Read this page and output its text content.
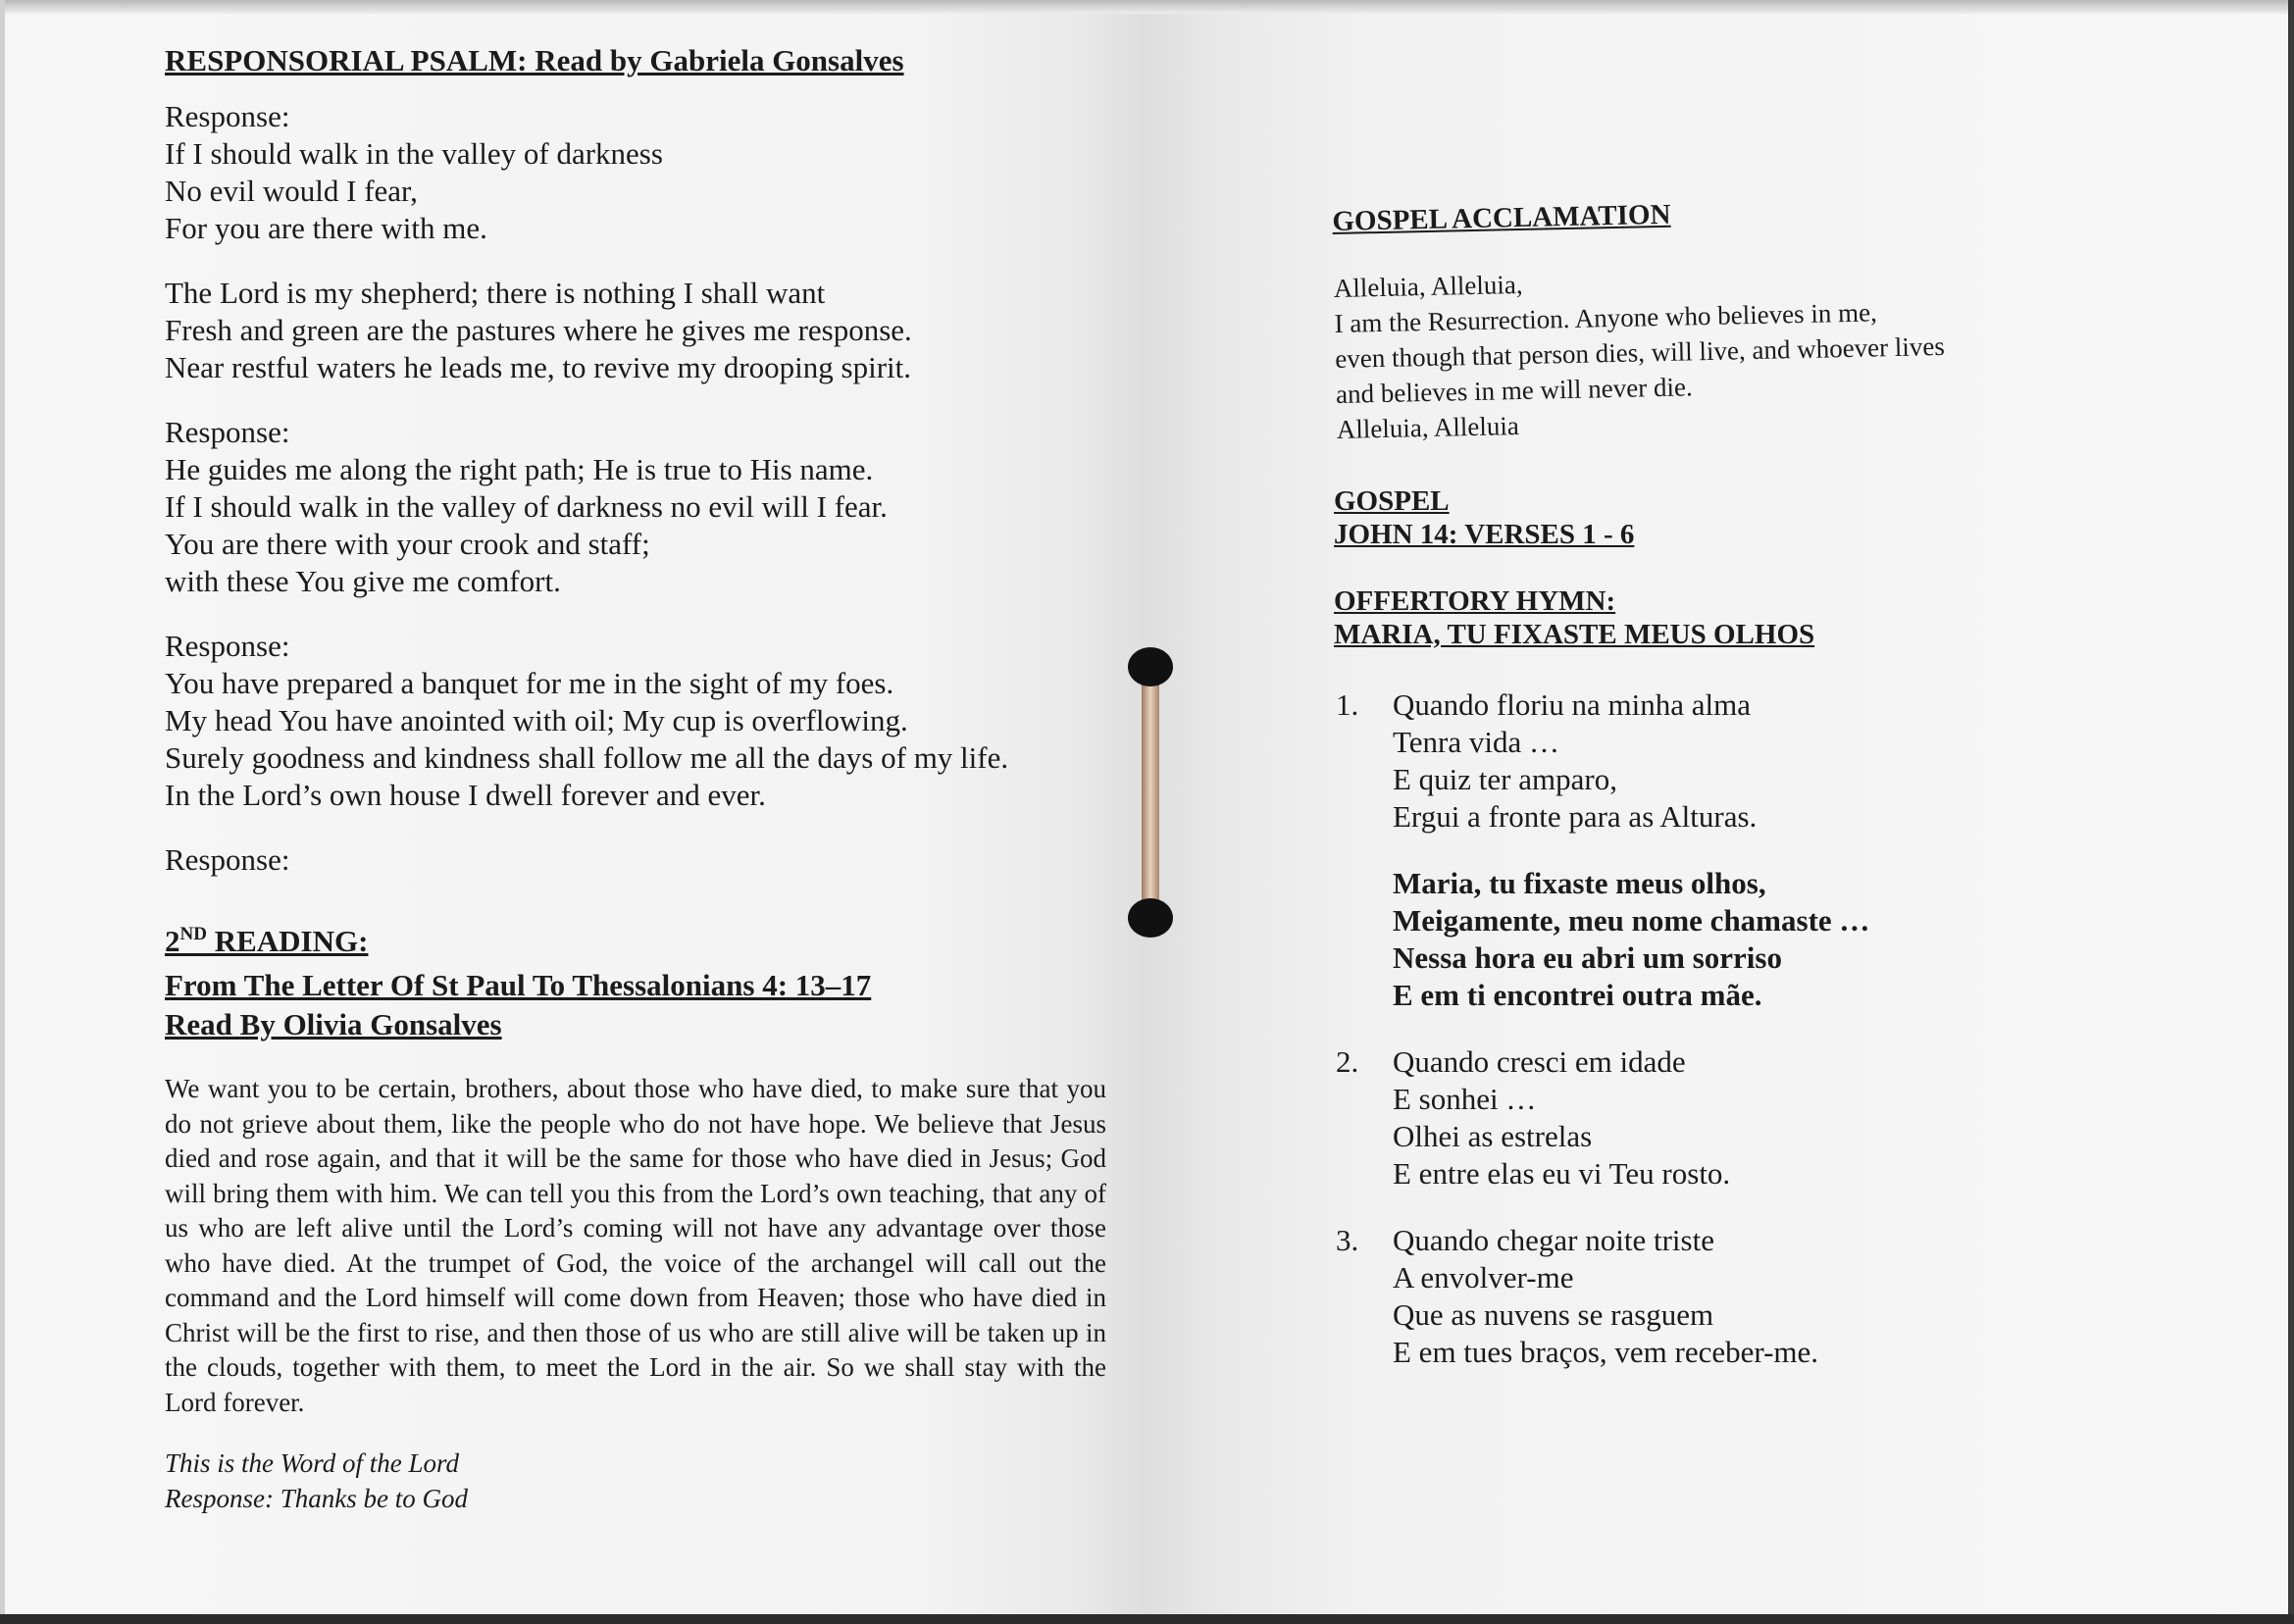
RESPONSORIAL PSALM: Read by Gabriela Gonsalves

Response:
If I should walk in the valley of darkness
No evil would I fear,
For you are there with me.
The Lord is my shepherd; there is nothing I shall want
Fresh and green are the pastures where he gives me response.
Near restful waters he leads me, to revive my drooping spirit.
Response:
He guides me along the right path; He is true to His name.
If I should walk in the valley of darkness no evil will I fear.
You are there with your crook and staff;
with these You give me comfort.
Response:
You have prepared a banquet for me in the sight of my foes.
My head You have anointed with oil; My cup is overflowing.
Surely goodness and kindness shall follow me all the days of my life.
In the Lord’s own house I dwell forever and ever.
Response:

2ND READING:

From The Letter Of St Paul To Thessalonians 4: 13–17

Read By Olivia Gonsalves

We want you to be certain, brothers, about those who have died, to make sure that you do not grieve about them, like the people who do not have hope. We believe that Jesus died and rose again, and that it will be the same for those who have died in Jesus; God will bring them with him. We can tell you this from the Lord’s own teaching, that any of us who are left alive until the Lord’s coming will not have any advantage over those who have died. At the trumpet of God, the voice of the archangel will call out the command and the Lord himself will come down from Heaven; those who have died in Christ will be the first to rise, and then those of us who are still alive will be taken up in the clouds, together with them, to meet the Lord in the air. So we shall stay with the Lord forever.

This is the Word of the Lord
Response: Thanks be to God

GOSPEL ACCLAMATION

Alleluia, Alleluia,
I am the Resurrection. Anyone who believes in me,
even though that person dies, will live, and whoever lives
and believes in me will never die.
Alleluia, Alleluia

GOSPEL

JOHN 14: VERSES 1 - 6

OFFERTORY HYMN:

MARIA, TU FIXASTE MEUS OLHOS

1. Quando floriu na minha alma
Tenra vida …
E quiz ter amparo,
Ergui a fronte para as Alturas.
Maria, tu fixaste meus olhos,
Meigamente, meu nome chamaste …
Nessa hora eu abri um sorriso
E em ti encontrei outra mãe.
2. Quando cresci em idade
E sonhei …
Olhei as estrelas
E entre elas eu vi Teu rosto.
3. Quando chegar noite triste
A envolver-me
Que as nuvens se rasguem
E em tues braços, vem receber-me.
